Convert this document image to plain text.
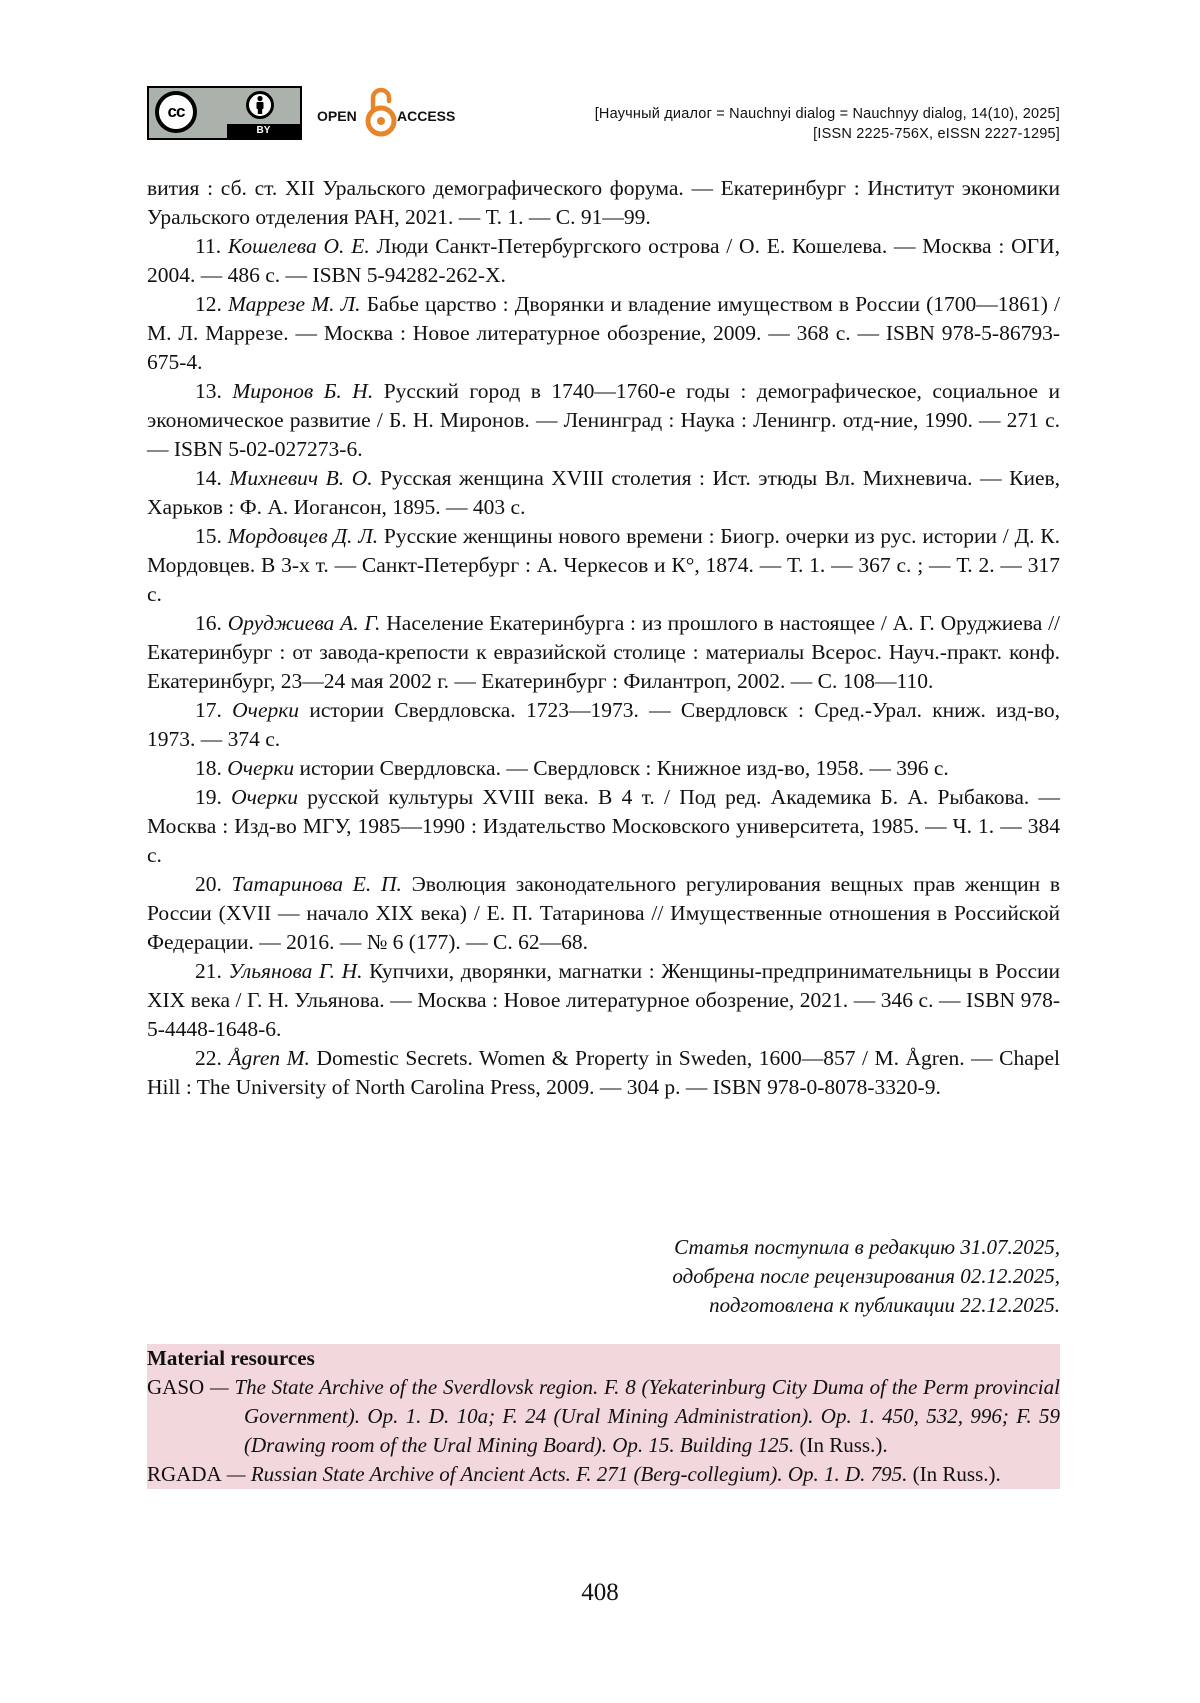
cc
BY
OPEN	ACCESS	[Научный диалог = Nauchnyi dialog = Nauchnyy dialog, 14(10), 2025]
[ISSN 2225-756X, eISSN 2227-1295]

вития : сб. ст. XII Уральского демографического форума. — Екатеринбург : Институт экономики Уральского отделения РАН, 2021. — Т. 1. — С. 91—99.

11. Кошелева О. Е. Люди Санкт-Петербургского острова / О. Е. Кошелева. — Москва : ОГИ, 2004. — 486 с. — ISBN 5-94282-262-X.

12. Маррезе М. Л. Бабье царство : Дворянки и владение имуществом в России (1700—1861) / М. Л. Маррезе. — Москва : Новое литературное обозрение, 2009. — 368 с. — ISBN 978-5-86793-675-4.

13. Миронов Б. Н. Русский город в 1740—1760-е годы : демографическое, социальное и экономическое развитие / Б. Н. Миронов. — Ленинград : Наука : Ленингр. отд-ние, 1990. — 271 с. — ISBN 5-02-027273-6.

14. Михневич В. О. Русская женщина XVIII столетия : Ист. этюды Вл. Михневича. — Киев, Харьков : Ф. А. Иогансон, 1895. — 403 с.

15. Мордовцев Д. Л. Русские женщины нового времени : Биогр. очерки из рус. истории / Д. К. Мордовцев. В 3-х т. — Санкт-Петербург : А. Черкесов и К°, 1874. — Т. 1. — 367 с. ; — Т. 2. — 317 с.

16. Оруджиева А. Г. Население Екатеринбурга : из прошлого в настоящее / А. Г. Оруджиева // Екатеринбург : от завода-крепости к евразийской столице : материалы Всерос. Науч.-практ. конф. Екатеринбург, 23—24 мая 2002 г. — Екатеринбург : Филантроп, 2002. — С. 108—110.

17. Очерки истории Свердловска. 1723—1973. — Свердловск : Сред.-Урал. книж. изд-во, 1973. — 374 с.

18. Очерки истории Свердловска. — Свердловск : Книжное изд-во, 1958. — 396 с.

19. Очерки русской культуры XVIII века. В 4 т. / Под ред. Академика Б. А. Рыбакова. — Москва : Изд-во МГУ, 1985—1990 : Издательство Московского университета, 1985. — Ч. 1. — 384 с.

20. Татаринова Е. П. Эволюция законодательного регулирования вещных прав женщин в России (XVII — начало XIX века) / Е. П. Татаринова // Имущественные отношения в Российской Федерации. — 2016. — № 6 (177). — С. 62—68.

21. Ульянова Г. Н. Купчихи, дворянки, магнатки : Женщины-предпринимательницы в России XIX века / Г. Н. Ульянова. — Москва : Новое литературное обозрение, 2021. — 346 с. — ISBN 978-5-4448-1648-6.

22. Ågren M. Domestic Secrets. Women & Property in Sweden, 1600—857 / M. Ågren. — Chapel Hill : The University of North Carolina Press, 2009. — 304 p. — ISBN 978-0-8078-3320-9.

Статья поступила в редакцию 31.07.2025,
одобрена после рецензирования 02.12.2025,
подготовлена к публикации 22.12.2025.
Material resources

GASO — The State Archive of the Sverdlovsk region. F. 8 (Yekaterinburg City Duma of the Perm provincial Government). Op. 1. D. 10a; F. 24 (Ural Mining Administration). Op. 1. 450, 532, 996; F. 59 (Drawing room of the Ural Mining Board). Op. 15. Building 125. (In Russ.).

RGADA — Russian State Archive of Ancient Acts. F. 271 (Berg-collegium). Op. 1. D. 795. (In Russ.).

408
